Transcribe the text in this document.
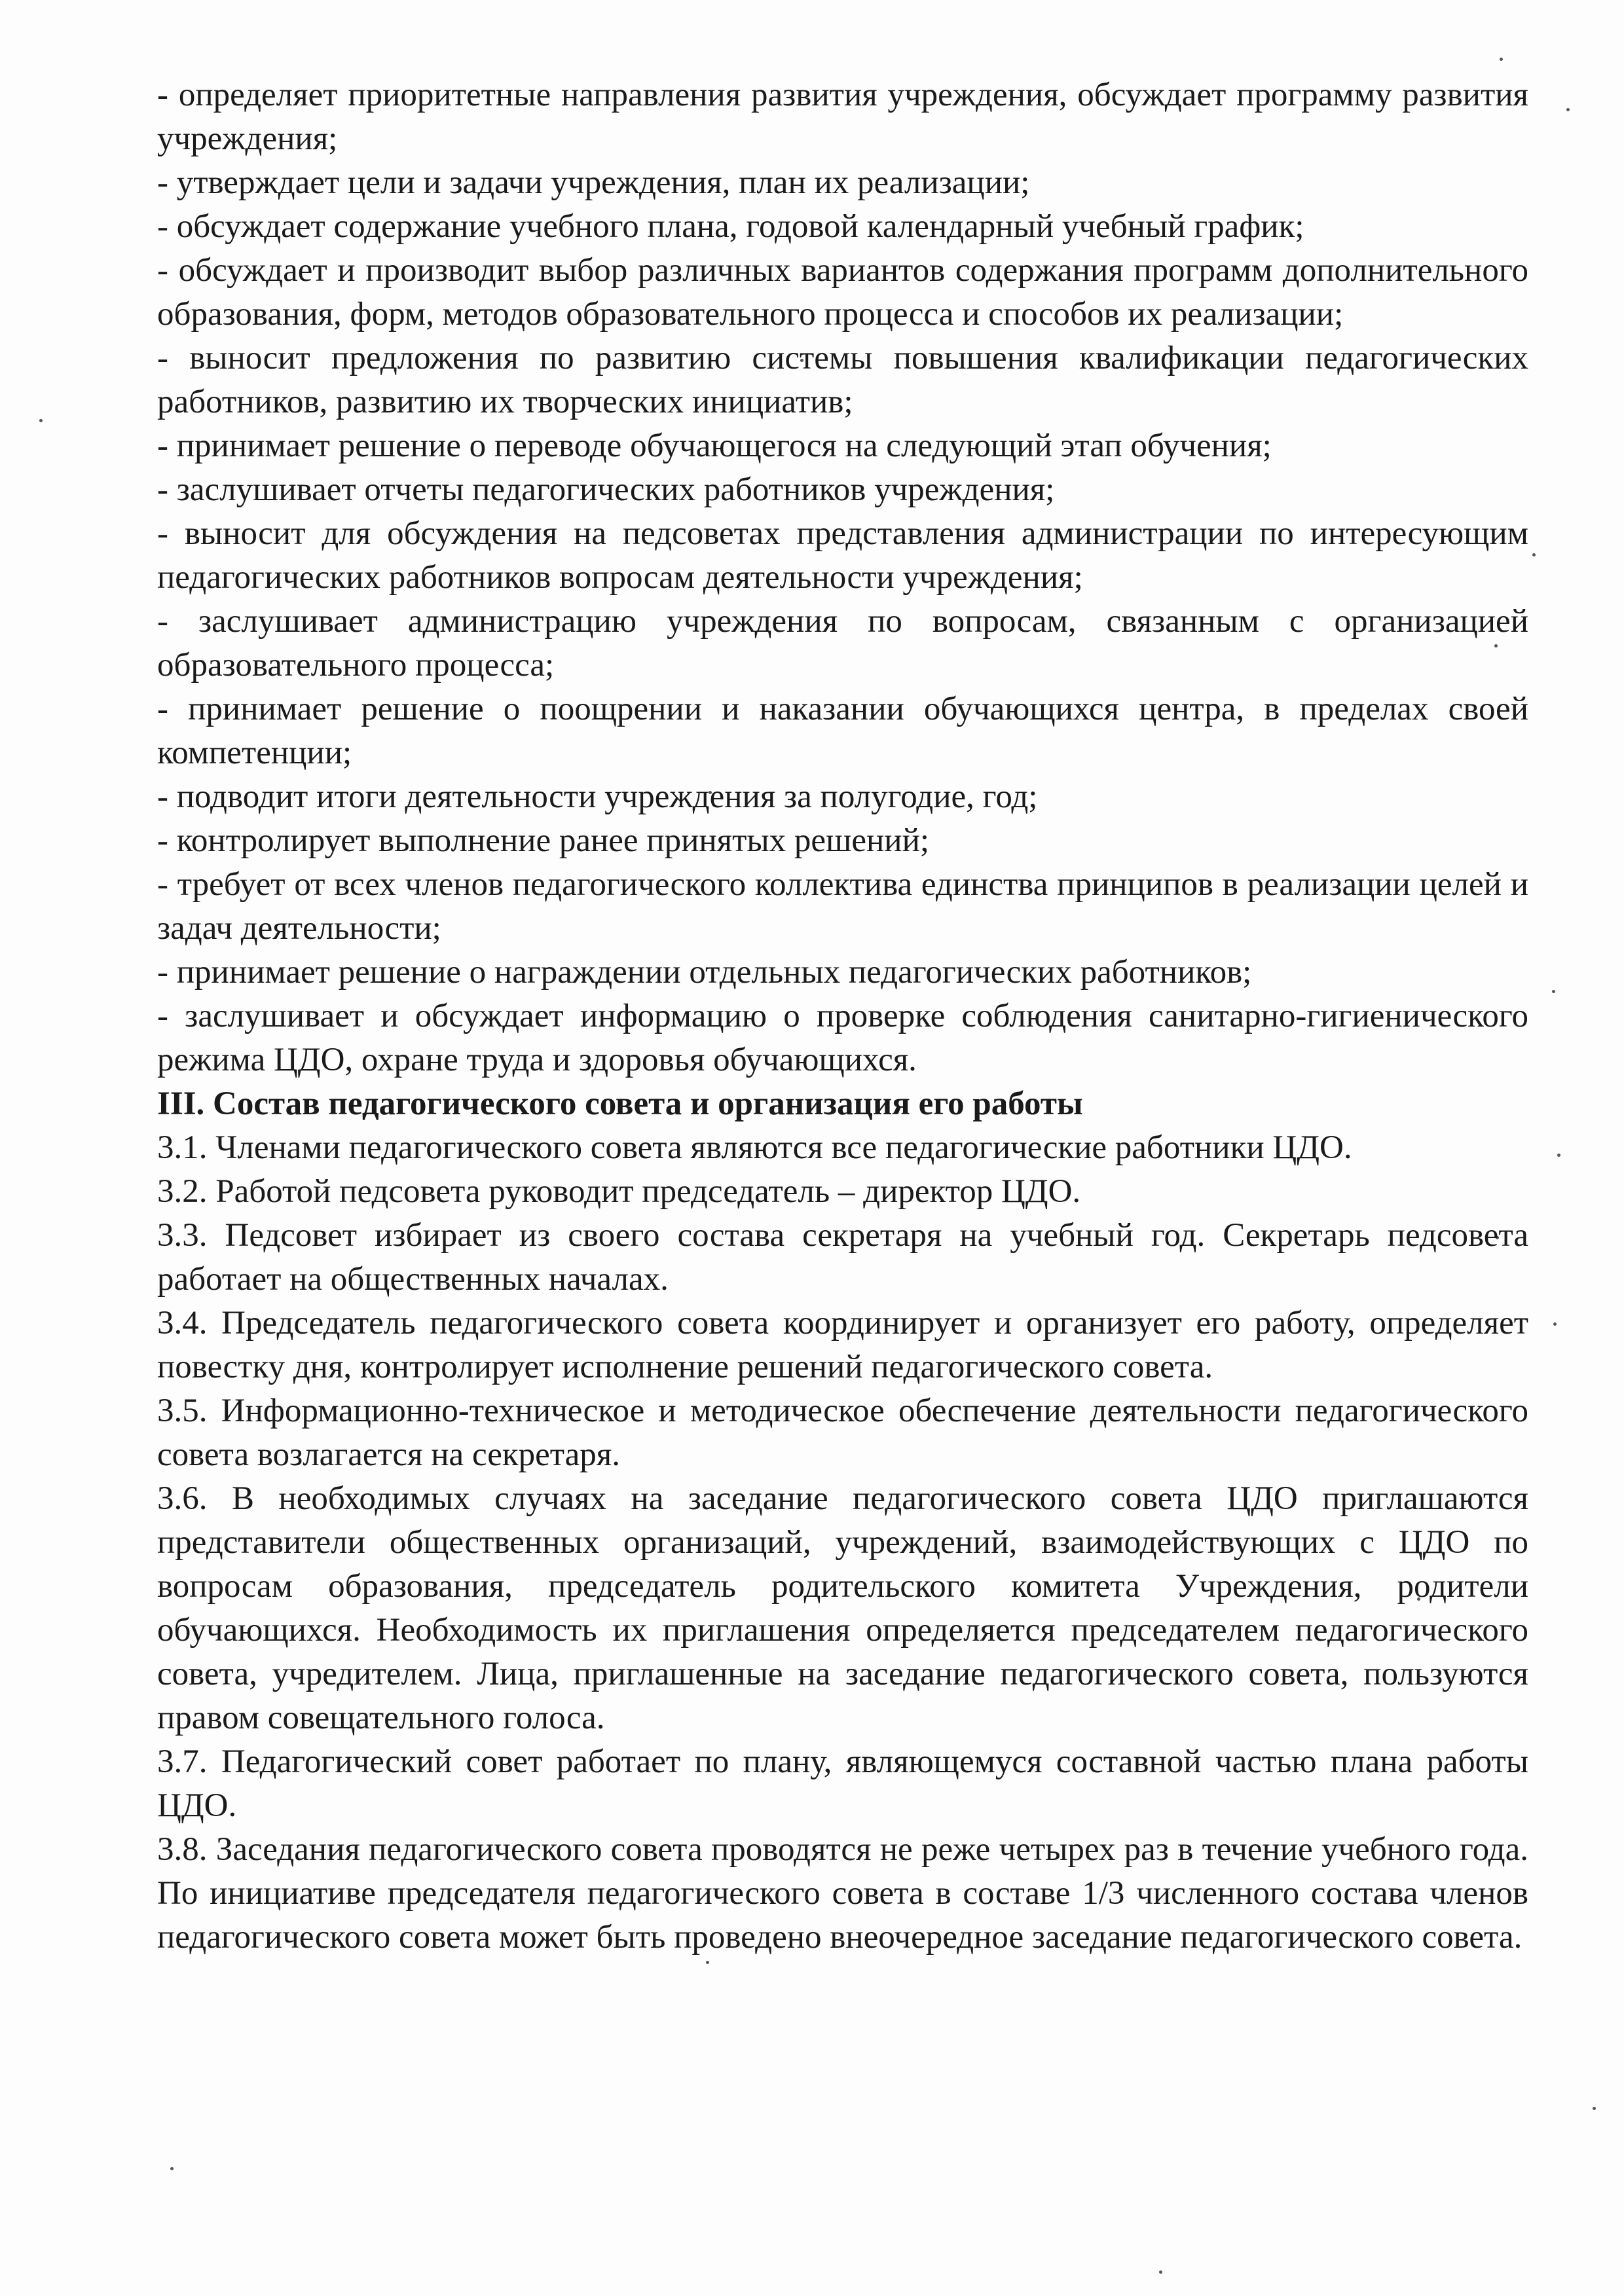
- определяет приоритетные направления развития учреждения, обсуждает программу развития учреждения;

- утверждает цели и задачи учреждения, план их реализации;

- обсуждает содержание учебного плана, годовой календарный учебный график;

- обсуждает и производит выбор различных вариантов содержания программ дополнительного образования, форм, методов образовательного процесса и способов их реализации;

- выносит предложения по развитию системы повышения квалификации педагогических работников, развитию их творческих инициатив;

- принимает решение о переводе обучающегося на следующий этап обучения;

- заслушивает отчеты педагогических работников учреждения;

- выносит для обсуждения на педсоветах представления администрации по интересующим педагогических работников вопросам деятельности учреждения;

- заслушивает администрацию учреждения по вопросам, связанным с организацией образовательного процесса;

- принимает решение о поощрении и наказании обучающихся центра, в пределах своей компетенции;

- подводит итоги деятельности учреждения за полугодие, год;

- контролирует выполнение ранее принятых решений;

- требует от всех членов педагогического коллектива единства принципов в реализации целей и задач деятельности;

- принимает решение о награждении отдельных педагогических работников;

- заслушивает и обсуждает информацию о проверке соблюдения санитарно-гигиенического режима ЦДО, охране труда и здоровья обучающихся.

III. Состав педагогического совета и организация его работы

3.1. Членами педагогического совета являются все педагогические работники ЦДО.

3.2. Работой педсовета руководит председатель – директор ЦДО.

3.3. Педсовет избирает из своего состава секретаря на учебный год. Секретарь педсовета работает на общественных началах.

3.4. Председатель педагогического совета координирует и организует его работу, определяет повестку дня, контролирует исполнение решений педагогического совета.

3.5. Информационно-техническое и методическое обеспечение деятельности педагогического совета возлагается на секретаря.

3.6. В необходимых случаях на заседание педагогического совета ЦДО приглашаются представители общественных организаций, учреждений, взаимодействующих с ЦДО по вопросам образования, председатель родительского комитета Учреждения, родители обучающихся. Необходимость их приглашения определяется председателем педагогического совета, учредителем. Лица, приглашенные на заседание педагогического совета, пользуются правом совещательного голоса.

3.7. Педагогический совет работает по плану, являющемуся составной частью плана работы ЦДО.

3.8. Заседания педагогического совета проводятся не реже четырех раз в течение учебного года. По инициативе председателя педагогического совета в составе 1/3 численного состава членов педагогического совета может быть проведено внеочередное заседание педагогического совета.
